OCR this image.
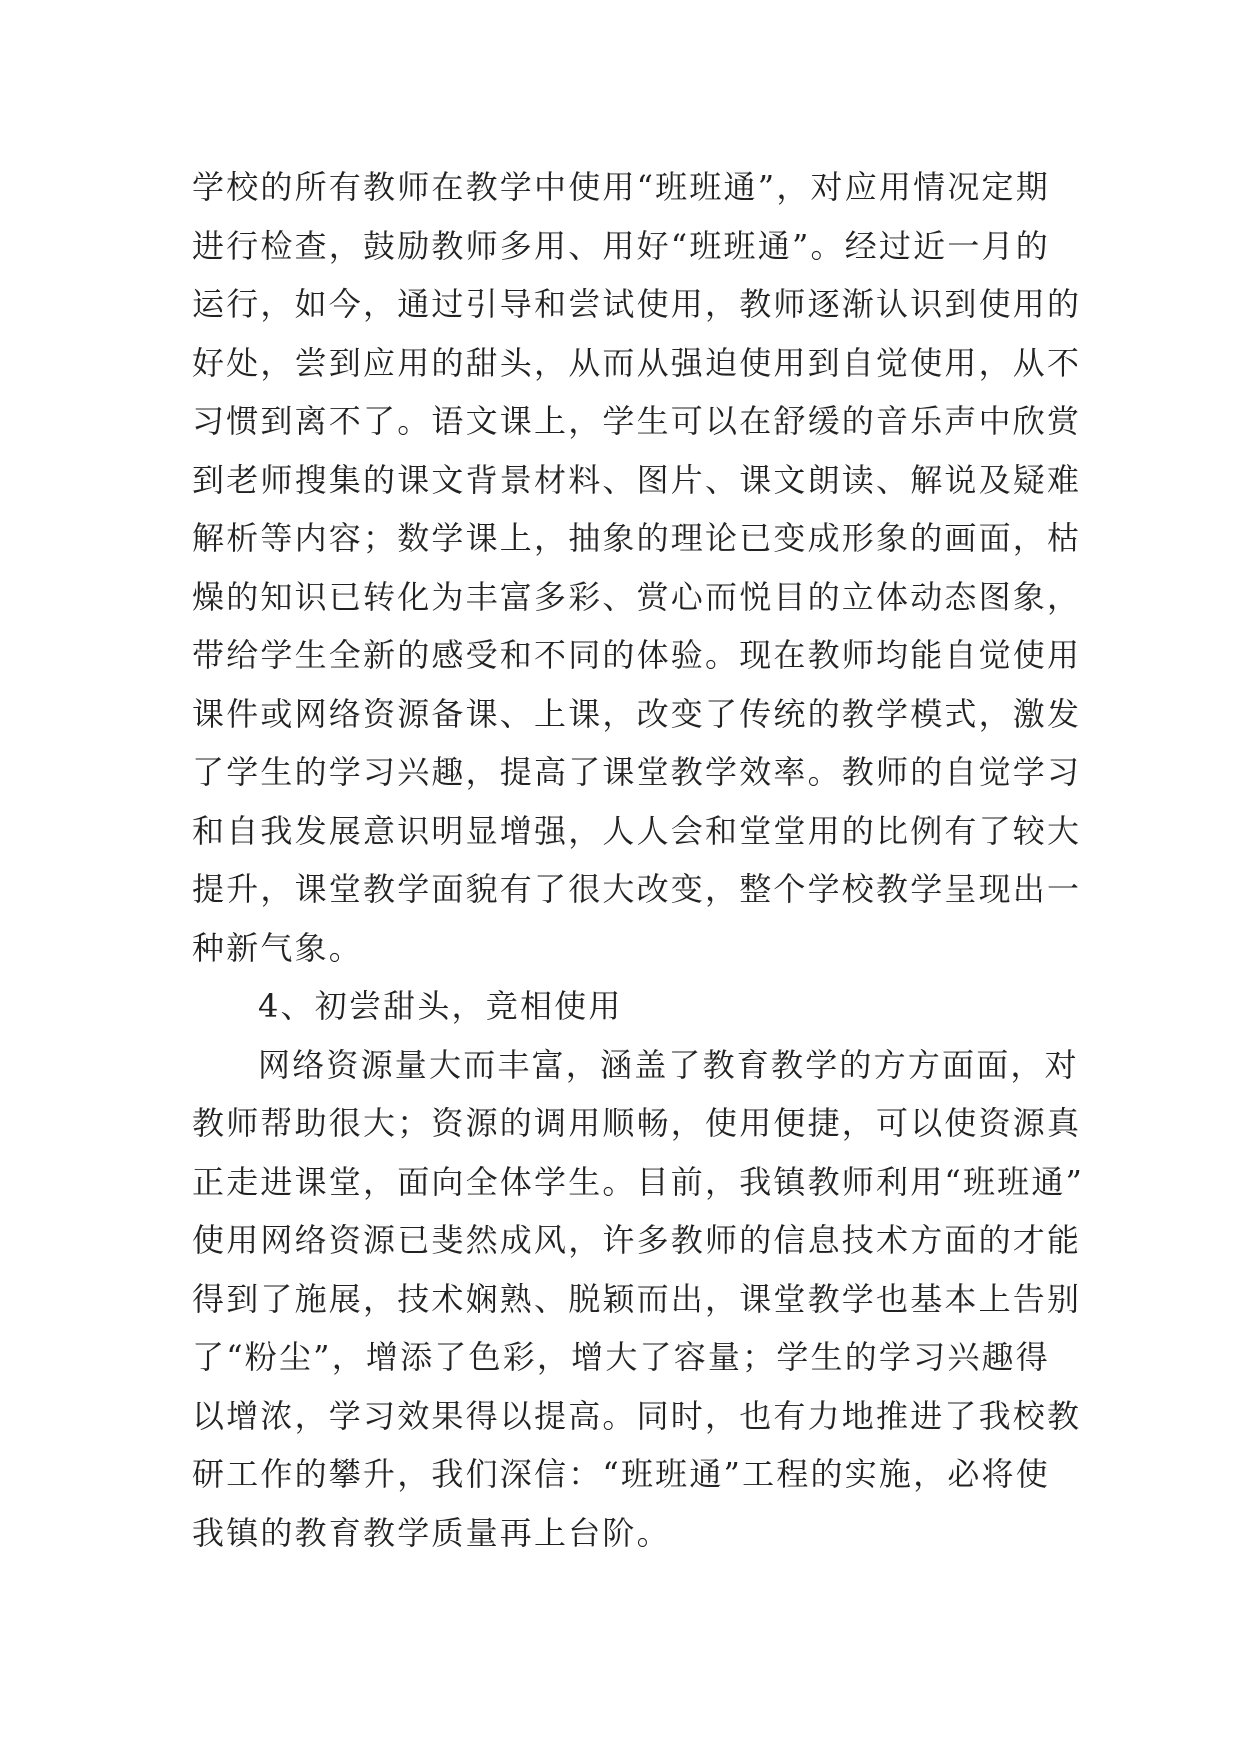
学校的所有教师在教学中使用“班班通”，对应用情况定期
进行检查，鼓励教师多用、用好“班班通”。经过近一月的
运行，如今，通过引导和尝试使用，教师逐渐认识到使用的
好处，尝到应用的甜头，从而从强迫使用到自觉使用，从不
习惯到离不了。语文课上，学生可以在舒缓的音乐声中欣赏
到老师搜集的课文背景材料、图片、课文朗读、解说及疑难
解析等内容；数学课上，抽象的理论已变成形象的画面，枯
燥的知识已转化为丰富多彩、赏心而悦目的立体动态图象，
带给学生全新的感受和不同的体验。现在教师均能自觉使用
课件或网络资源备课、上课，改变了传统的教学模式，激发
了学生的学习兴趣，提高了课堂教学效率。教师的自觉学习
和自我发展意识明显增强，人人会和堂堂用的比例有了较大
提升，课堂教学面貌有了很大改变，整个学校教学呈现出一
种新气象。
4、初尝甜头，竞相使用
网络资源量大而丰富，涵盖了教育教学的方方面面，对
教师帮助很大；资源的调用顺畅，使用便捷，可以使资源真
正走进课堂，面向全体学生。目前，我镇教师利用“班班通”
使用网络资源已斐然成风，许多教师的信息技术方面的才能
得到了施展，技术娴熟、脱颖而出，课堂教学也基本上告别
了“粉尘”，增添了色彩，增大了容量；学生的学习兴趣得
以增浓，学习效果得以提高。同时，也有力地推进了我校教
研工作的攀升，我们深信：“班班通”工程的实施，必将使
我镇的教育教学质量再上台阶。
